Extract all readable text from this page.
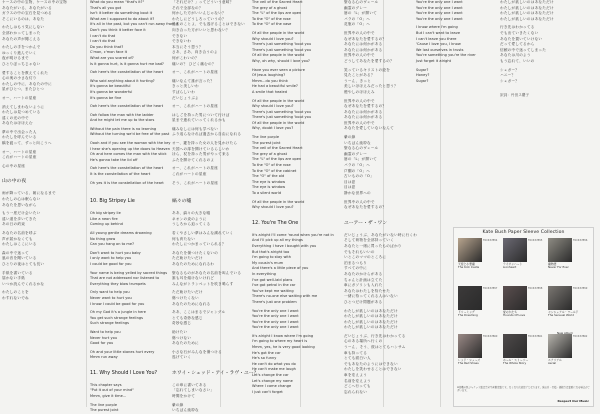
ケースの中の宝物、ケースの中の宝物

あなたがいる、あなたがいる

ガラスの中の宝石を見つめる

そこにいるのは、あなた

わたしはもう気にしない

全部わかってしまった

あなたの声が聞こえる

わたしの手をつかんで

ゆっくり進んでいく

夜が明けるまで

ひとりぼっちじゃない

愛することを教えてくれた

心の奥の小さな灯り

わたしの中に、あなたの中に

星がひとつ、またひとつ

オー、ハートの星座

消えてしまわないように

わたしは見つめている

遠くの光の中で

あなたはほほえむ

夢の中で出会った人

わたしを呼んでいる

橋を渡って、ずっと向こうへ

オー、ハートの星座

これがハートの星座

心の中の星座

山の中の夜

雨が降っている、朝になるまで

わたしの心は眠らない

あなたを思いながら

もう一度だけ会いたい

遠い道を歩いてきた

あの日の約束

あなたの名前を呼ぶ

声が届かなくても

わたしはここにいる

森の中で迷って

風の音を聞いている

ひとりの夜はとても長い

手紙を書いている

届かない手紙

いつか読んでくれるかな

わたしのことを

わすれないでね

What do you mean "that's it?"

That's all you got

Isn't it better do something bout it

What am I supposed to do about it?

It's all in the past, but you can't run away from it

Don't you think it better face it

I can't do that

I can't do that

Do you think that?

C'mon, c'mon face it

What are you scared of?

Is it gonna hurt, is it gonna hurt me bad?

Ooh here's the constellation of the heart

Who said anything about it hurting?

It's gonna be beautiful

It's gonna be wonderful

It's gonna be fine

Ooh here's the constellation of the heart

Ooh follow the man with the ladder

And he might let me up to the stars

Without the pain there is no learning

Without the turning we'd be free of the past

Oooh and if you see the woman with the key

I hear she's opening up the doors to Heaven

Oh and here comes the man with the stick

He's gonna take the lid off

Ooh here's the constellation of the heart

It is the constellation of the heart

Oh yes it is the constellation of the heart

10. Big Stripey Lie

Oh big stripey lie

Like a neon fire

Coming up behind

All young gentle dreams drowning

No thing grow

Can you hang on to me?

Don't want to hurt you baby

I only want to help you

I could be good for you

Your name is being yelled by sacred things

That are not addressed nor listened to

Everything they blow trumpets

Only want to help you

Never want to hurt you

I know I could be good for you

Oh my God it's a jungle in here

You get such strange feelings

Such strange feelings

Want to help you

Never hurt you

Good for you

Oh and your little stones hurt every

Mmm run away

11. Why Should I Love You?

This chapter says

"Put it out of your mind"

Mmm, give it time...

The line purple

The purest joint

「それだけ？」ってどういう意味？

それで全部なの？

何かした方がいいんじゃない？

わたしにどうしろっていうの？

過去のことよ、でも逃げることはできない

向き合った方がいいと思わない？

できない

できないわ

本当にそう思う？

さあ、さあ、向き合うのよ

何がこわいの？

痛いの？ ひどく痛むの？

オー、これがハートの星座

痛いなんて誰が言った？

きっと美しいわ

すばらしいわ

だいじょうぶよ

オー、これがハートの星座

はしごを持った男について行けば

星まで連れていってくれるかも

痛みなしには何も学べない

ふり返らなければ過去から自由になれる

オー、鍵を持った女の人を見かけたら

天国への扉を開けているらしいわ

ほら、杖を持った男がやって来る

ふたを開けてくれるのよ

オー、これがハートの星座

これがハートの星座

そう、これがハートの星座

縞々の嘘

ああ、縞々の大きな嘘

ネオンの炎のように

うしろから迫ってくる

若くやさしい夢はみんな溺れていく

何も育たない

わたしにつかまっていられる？

あなたを傷つけたくないの

ただ助けたいだけ

あなたのためになれるわ

聖なるものがあなたの名前を叫んでいる

誰も耳を傾けないけれど

みんながトランペットを吹き鳴らす

ただ助けたいだけ

傷つけたくない

あなたのためになれる

ああ、ここはまるでジャングル

とても奇妙な感じ

奇妙な感じ

助けたい

傷つけない

あなたのために

小さな石がみんなを傷つける

逃げていく

ホワイ・シュッド・アイ・ラヴ・ユー？

この章に書いてある

「忘れてしまいなさい」

時間をかけて

紫の線

いちばん純粋な

The veil of the Sacred Heart

The grey of a ghost

The "L" of the lips are open

To the "O" of the rose

To the "O" of the vase

Of all the people in the world

Why should I love you?

There's just something 'bout you

There's just something 'bout you

Of all the people in the world

Why, oh why, should I love you?

Have you ever seen a picture

Of Jesus laughing?

Mmm...do you think

He had a beautiful smile?

A smile that healed

Of all the people in the world

Why should I love you?

There's just something 'bout you

There's just something 'bout you

Of all the people in the world

Why, doubt I love you?

The line purple

The purest joint

The veil of the Sacred Heart

The grey of a ghost

The "L" of the lips are open

To the "O" of the rose

To the "O" of the cabinet

The "O" of the old

The eye is window

The eye is window

To a silent world

Of all the people in the world

Why should I love you?

12. You're The One

It's alright I'll come 'round when you're not in

And I'll pick up all my things

Everything I have I bought with you

But that's alright too

I'm going to stay with

My cousin's mum

And there's a little piece of you

In everything

I've got well-laid plans

I've got petrol in the car

You've kept me waiting

There's no-one else waiting with me

There's just one problem

You're the only one I want

You're the only one I want

You're the only one I want

You're the only one I want

It's alright I know where I'm going

I'm going to where my heart is

Mmm, yes, he is very good looking

He's got the car

He's so funny

He can't do what you do

He can't make me laugh

Let's change the car

Let's change my name

Where I come change

I just can't forget

聖なる心のヴェール

幽霊のグレー

唇の「L」が開いて

バラの「O」へ

花瓶の「O」へ

世界中の人の中で

なぜあなたを愛するの？

あなたには何かがある

あなたには何かがある

世界中の人の中で

どうしてあなたを愛するの？

笑っているキリストの絵を

見たことがある？

うーん、きっと

美しいほほえみだったと思う？

癒やしのほほえみ

世界中の人の中で

なぜあなたを愛するの？

あなたには何かがある

あなたには何かがある

世界中の人の中で

あなたを愛していないなんて

紫の線

いちばん純粋な

聖なる心のヴェール

幽霊のグレー

唇の「L」が開いて

バラの「O」へ

戸棚の「O」へ

古いものの「O」

目は窓

目は窓

静かな世界への

世界中の人の中で

なぜあなたを愛するの？

ユーアー・ザ・ワン

だいじょうぶ、あなたがいない時に行くわ

そして荷物を全部持っていく

あなたと一緒に買ったものばかり

でもそれもいいの

いとこのママのところに

泊まるつもり

すべての中に

あなたのかけらがある

ちゃんと計画は立てた

車にガソリンも入れた

あなたはわたしを待たせた

一緒に待ってくれる人はいない

ひとつだけ問題がある

わたしが欲しいのはあなただけ

わたしが欲しいのはあなただけ

わたしが欲しいのはあなただけ

わたしが欲しいのはあなただけ

だいじょうぶ、行き先はわかってる

心のある場所へ行くの

うーん、そう、彼はとてもハンサム

車も持ってる

とても面白い人

でもあなたのようにはできない

わたしを笑わせることはできない

車を変えよう

名前を変えよう

どこへ行っても

忘れられない

You're the only one I want

You're the only one I want

You're the only one I want

You're the only one I want

I know where I'm going

But I can't want to leave

I can't leave you there

'Cause I love you, I know

We lost ourselves in trusts

You're something you're the river

Just forget it alright

Sugar?

Honey?

Sugar?

わたしが欲しいのはあなただけ

わたしが欲しいのはあなただけ

わたしが欲しいのはあなただけ

わたしが欲しいのはあなただけ

行き先はわかってる

でも出ていきたくない

あなたを置いていけない

だって愛してるから

信頼の中で迷ってしまった

あなたは川のよう

もう忘れて、いいの

シュガー？

ハニー？

シュガー？

訳詞：丹田ス慶子

Kate Bush Paper Sleeve Collection
TOCP-67854
天使と小悪魔
The Kick Inside
TOCP-67855
ライオンハート
Lionheart
TOCP-67856
魔物語
Never For Ever
TOCP-67857
ドリーミング
The Dreaming
TOCP-67858
愛のかたち
Hounds Of Love
TOCP-67859
センシュアル・ワールド
The Sensual World
TOCP-67860
レッド・シューズ
The Red Shoes
TOCP-67861
ホール・ストーリー
The Whole Story
TOCP-67862
エアリアル
Aerial
New Album
※掲載の紙ジャケット盤は完全生産限定盤です。なくなり次第終了となります。発売日・仕様・価格等は変更になる場合がございます。
Respect Our Music
